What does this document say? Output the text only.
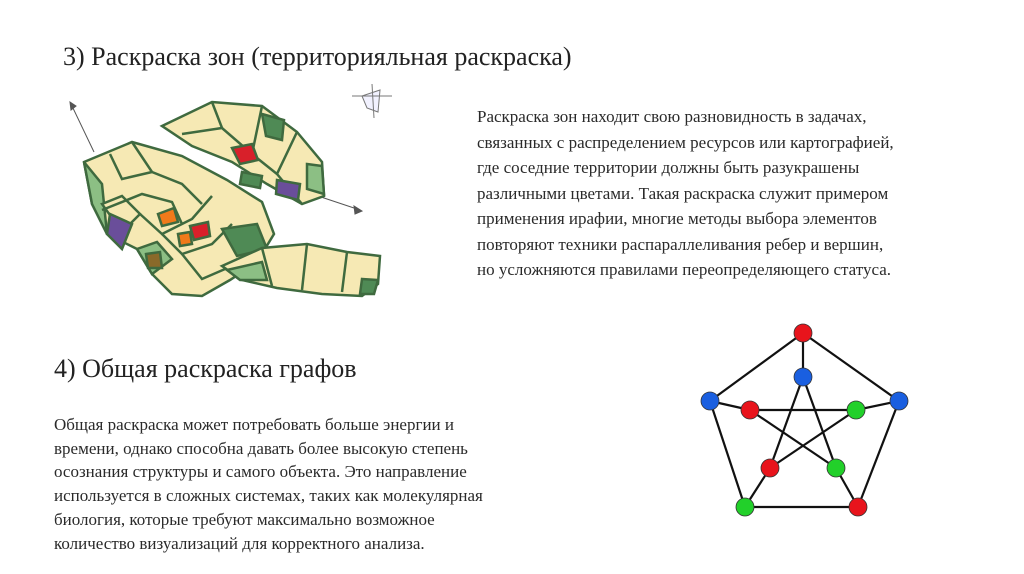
3) Раскраска зон (территорияльная раскраска)
Раскраска зон находит свою разновидность в задачах,
связанных с распределением ресурсов или картографией,
где соседние территории должны быть разукрашены
различными цветами. Такая раскраска служит примером
применения ирафии, многие методы выбора элементов
повторяют техники распараллеливания ребер и вершин,
но усложняются правилами переопределяющего статуса.
4) Общая раскраска графов
Общая раскраска может потребовать больше энергии и
времени, однако способна давать более высокую степень
осознания структуры и самого объекта. Это направление
используется в сложных системах, таких как молекулярная
биология, которые требуют максимально возможное
количество визуализаций для корректного анализа.
